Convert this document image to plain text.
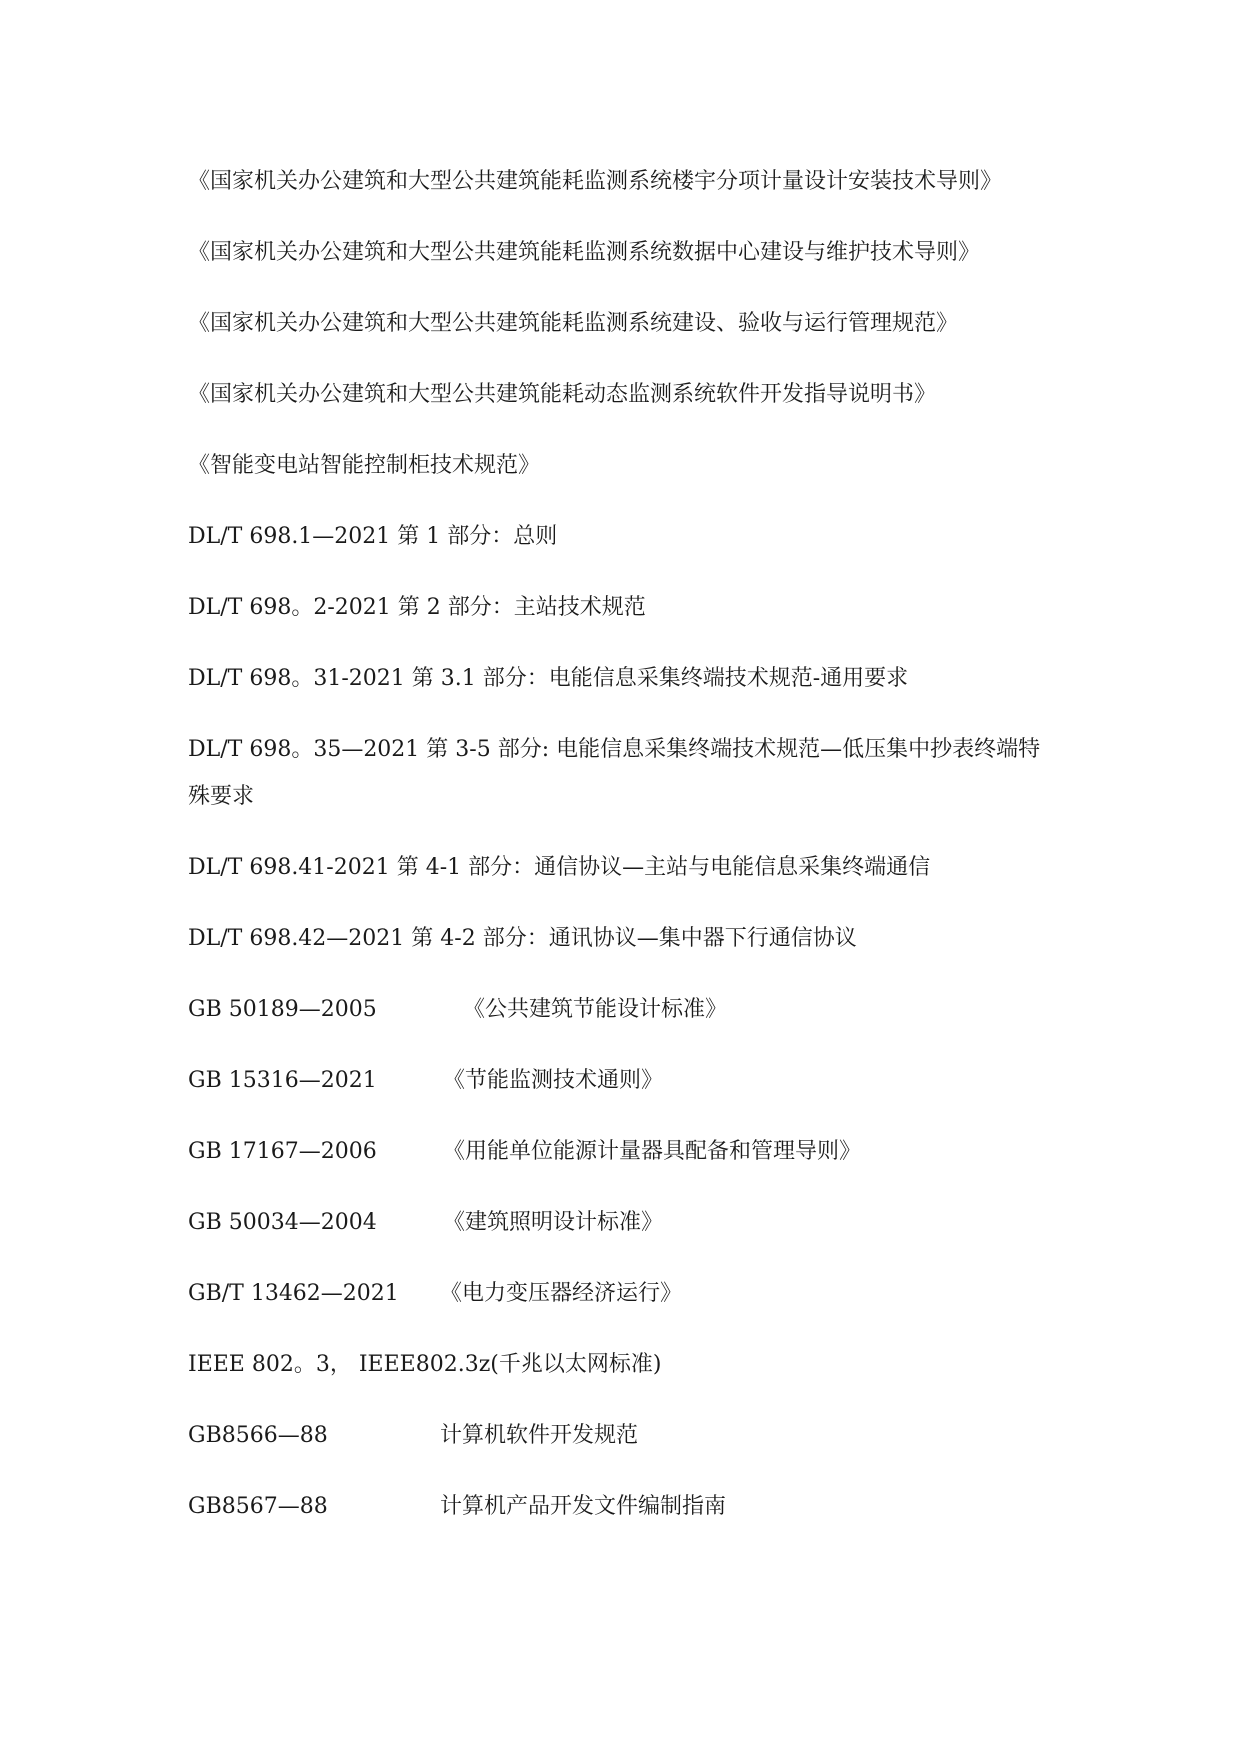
《国家机关办公建筑和大型公共建筑能耗监测系统楼宇分项计量设计安装技术导则》

《国家机关办公建筑和大型公共建筑能耗监测系统数据中心建设与维护技术导则》

《国家机关办公建筑和大型公共建筑能耗监测系统建设、验收与运行管理规范》

《国家机关办公建筑和大型公共建筑能耗动态监测系统软件开发指导说明书》

《智能变电站智能控制柜技术规范》

DL/T 698.1—2021 第 1 部分：总则

DL/T 698。2-2021 第 2 部分：主站技术规范

DL/T 698。31-2021 第 3.1 部分：电能信息采集终端技术规范-通用要求

DL/T 698。35—2021 第 3-5 部分: 电能信息采集终端技术规范—低压集中抄表终端特殊要求

DL/T 698.41-2021 第 4-1 部分：通信协议—主站与电能信息采集终端通信

DL/T 698.42—2021 第 4-2 部分：通讯协议—集中器下行通信协议

GB 50189—2005	《公共建筑节能设计标准》
GB 15316—2021	《节能监测技术通则》
GB 17167—2006	《用能单位能源计量器具配备和管理导则》
GB 50034—2004	《建筑照明设计标准》
GB/T 13462—2021	《电力变压器经济运行》

IEEE 802。3， IEEE802.3z(千兆以太网标准)

GB8566—88	计算机软件开发规范
GB8567—88	计算机产品开发文件编制指南
